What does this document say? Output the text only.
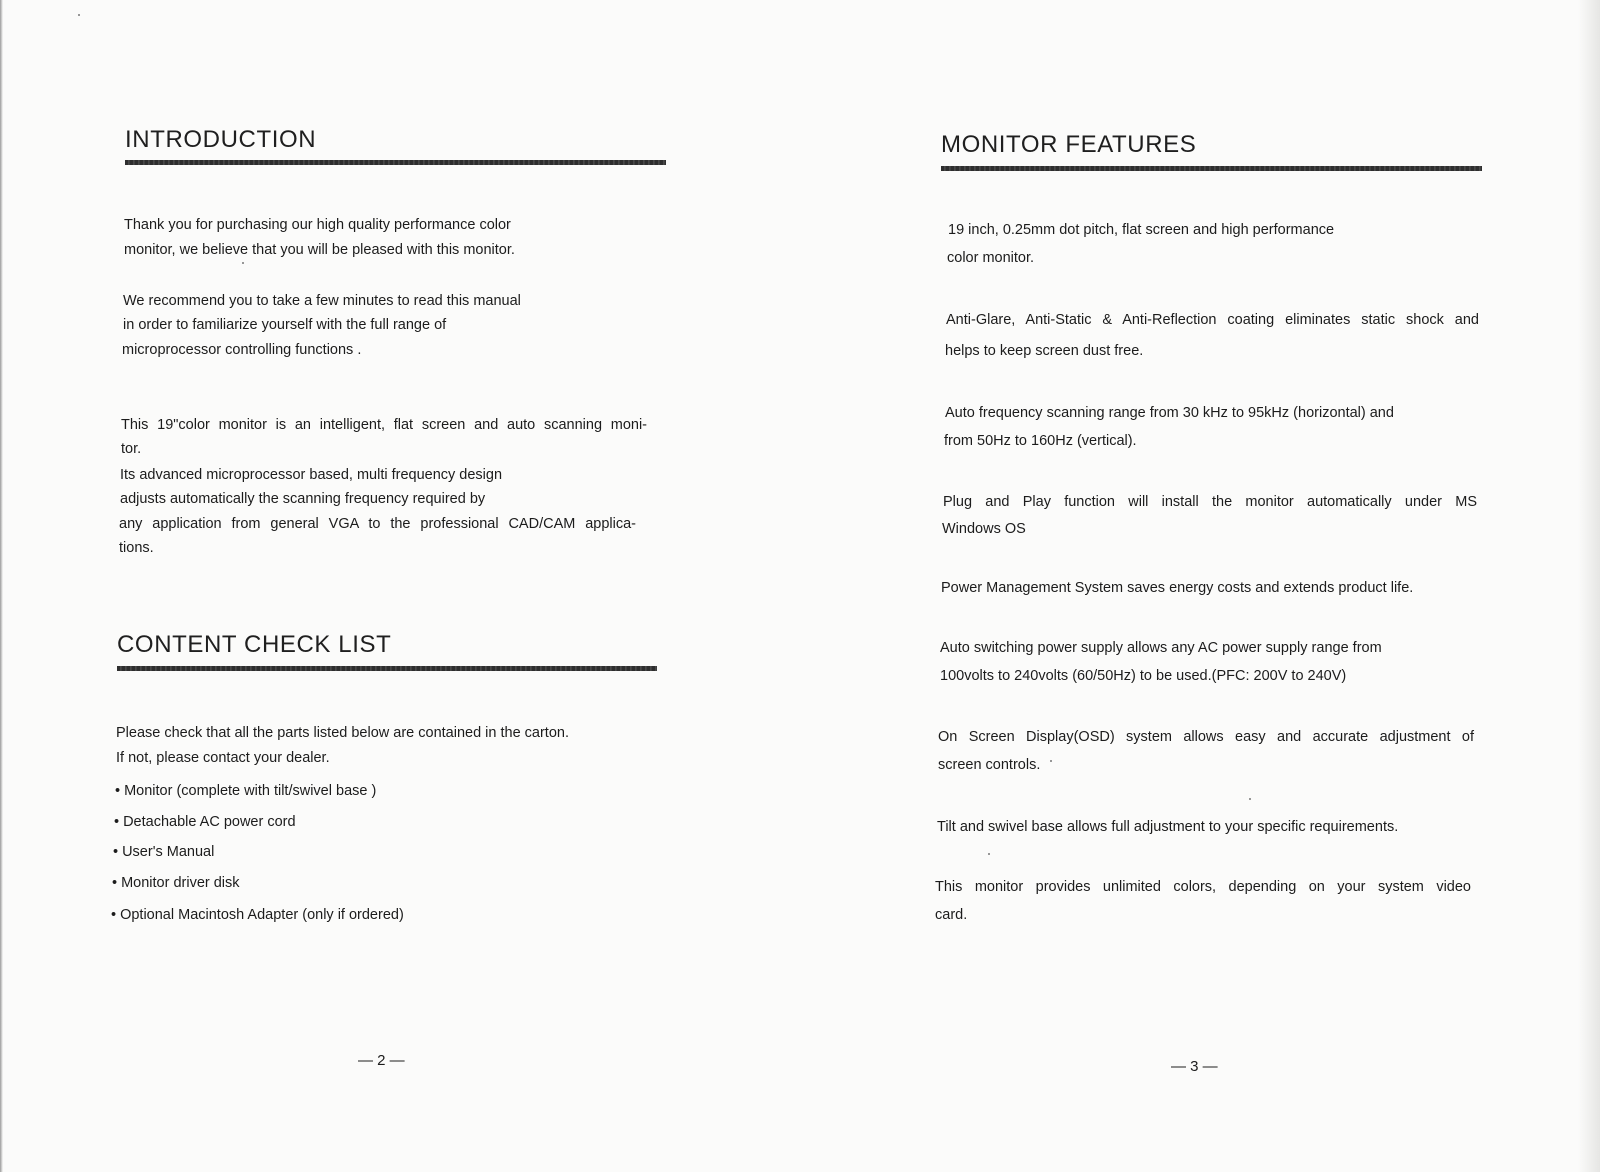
INTRODUCTION

Thank you for purchasing our high quality performance color

monitor, we believe that you will be pleased with this monitor.

We recommend you to take a few minutes to read this manual

in order to familiarize yourself with the full range of

microprocessor controlling functions .

This 19"color monitor is an intelligent, flat screen and auto scanning moni-

tor.

Its advanced microprocessor based, multi frequency design

adjusts automatically the scanning frequency required by

any application from general VGA to the professional CAD/CAM applica-

tions.

CONTENT CHECK LIST

Please check that all the parts listed below are contained in the carton.

If not, please contact your dealer.

• Monitor (complete with tilt/swivel base )
• Detachable AC power cord
• User's Manual
• Monitor driver disk
• Optional Macintosh Adapter (only if ordered)
— 2 —
MONITOR FEATURES

19 inch, 0.25mm dot pitch, flat screen and high performance

color monitor.

Anti-Glare, Anti-Static & Anti-Reflection coating eliminates static shock and

helps to keep screen dust free.

Auto frequency scanning range from 30 kHz to 95kHz (horizontal) and

from 50Hz to 160Hz (vertical).

Plug and Play function will install the monitor automatically under MS

Windows OS

Power Management System saves energy costs and extends product life.

Auto switching power supply allows any AC power supply range from

100volts to 240volts (60/50Hz) to be used.(PFC: 200V to 240V)

On Screen Display(OSD) system allows easy and accurate adjustment of

screen controls.

Tilt and swivel base allows full adjustment to your specific requirements.

This monitor provides unlimited colors, depending on your system video

card.

— 3 —
